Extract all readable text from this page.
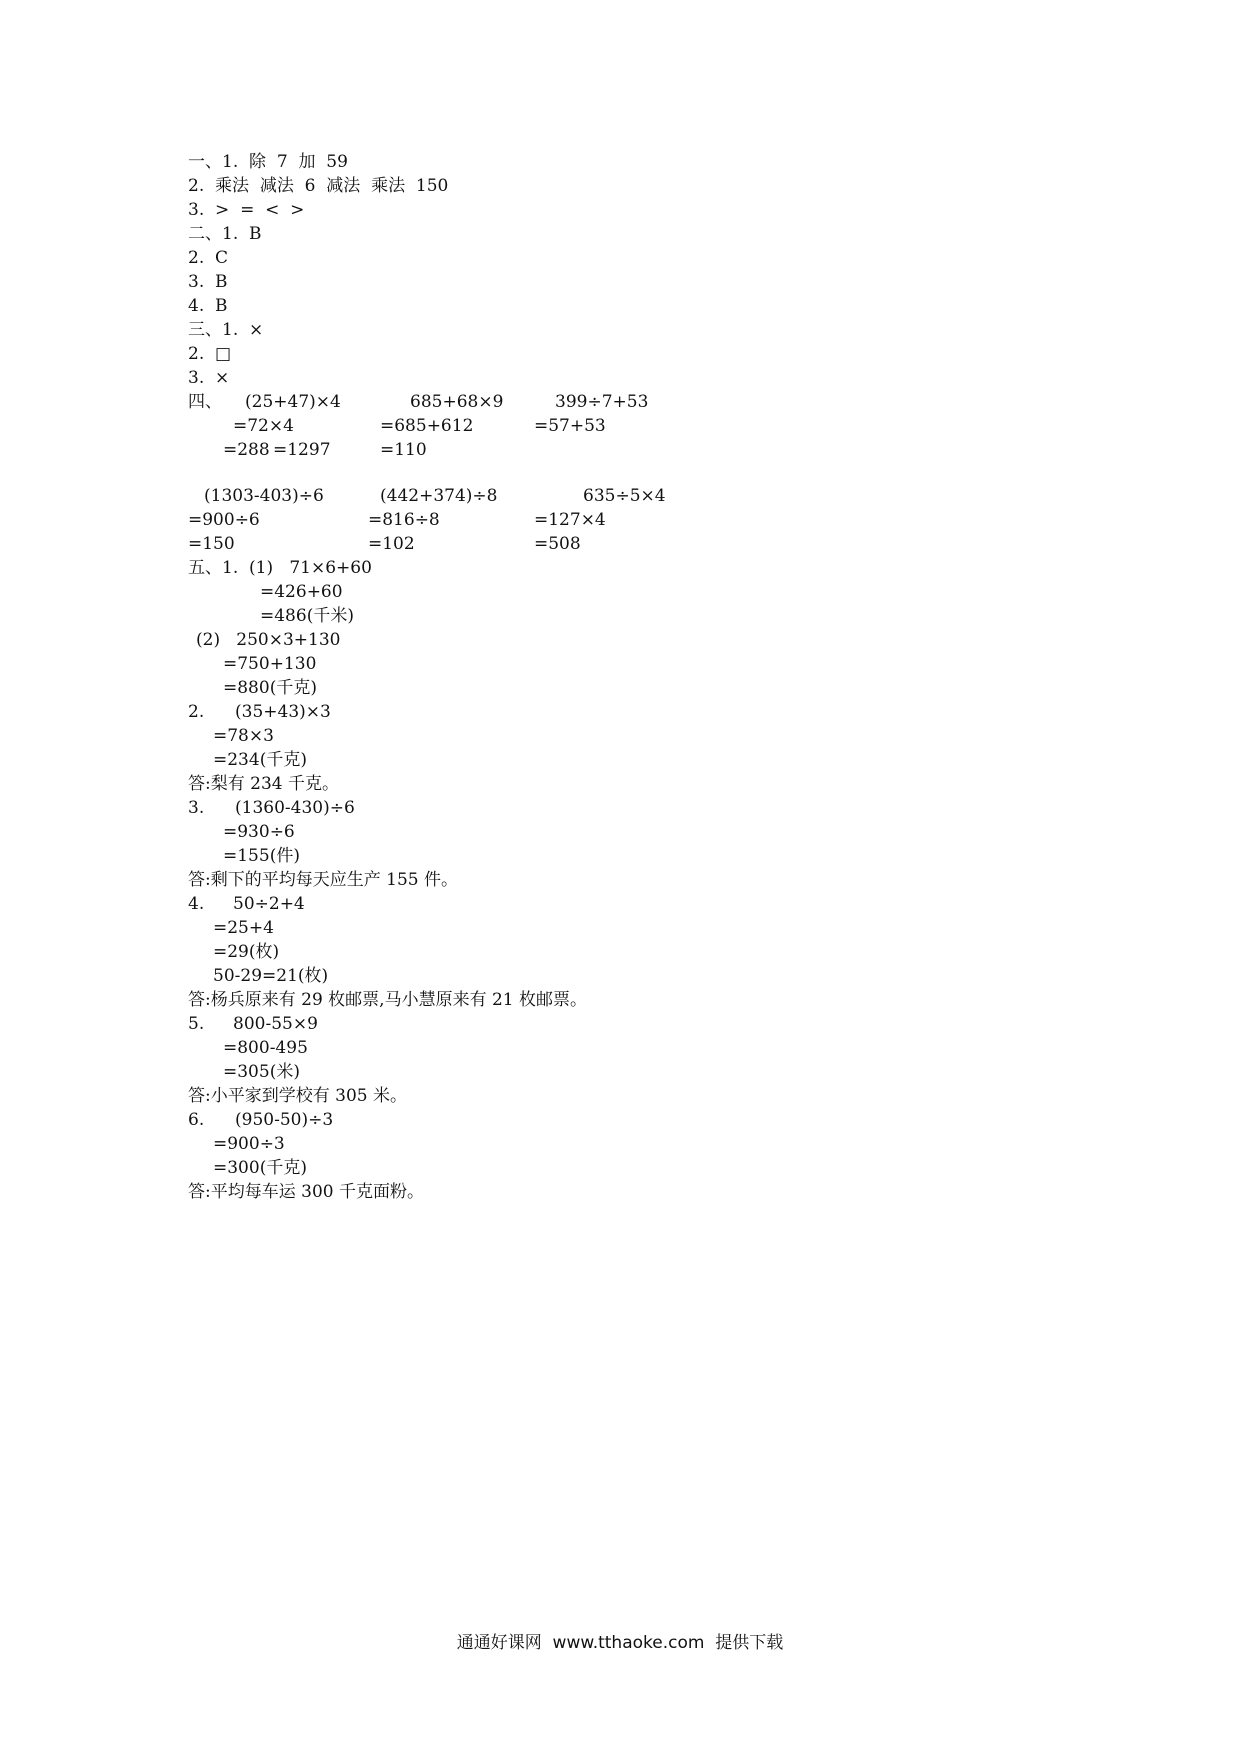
一、1.  除  7  加  59
2.  乘法  减法  6  减法  乘法  150
3.  >  =  <  >
二、1.  B
2.  C
3.  B
4.  B
三、1.  ×
2.  □
3.  ×
四、 (25+47)×4	685+68×9	399÷7+53
=72×4	=685+612	=57+53
=288 =1297	=110
(1303-403)÷6	(442+374)÷8	635÷5×4
=900÷6	=816÷8	=127×4
=150	=102	=508
五、1.  (1)   71×6+60
=426+60
=486(千米)
(2)   250×3+130
=750+130
=880(千克)
2. (35+43)×3
=78×3
=234(千克)
答:梨有 234 千克。
3. (1360-430)÷6
=930÷6
=155(件)
答:剩下的平均每天应生产 155 件。
4. 50÷2+4
=25+4
=29(枚)
50-29=21(枚)
答:杨兵原来有 29 枚邮票,马小慧原来有 21 枚邮票。
5. 800-55×9
=800-495
=305(米)
答:小平家到学校有 305 米。
6. (950-50)÷3
=900÷3
=300(千克)
答:平均每车运 300 千克面粉。
通通好课网  www.tthaoke.com  提供下载
